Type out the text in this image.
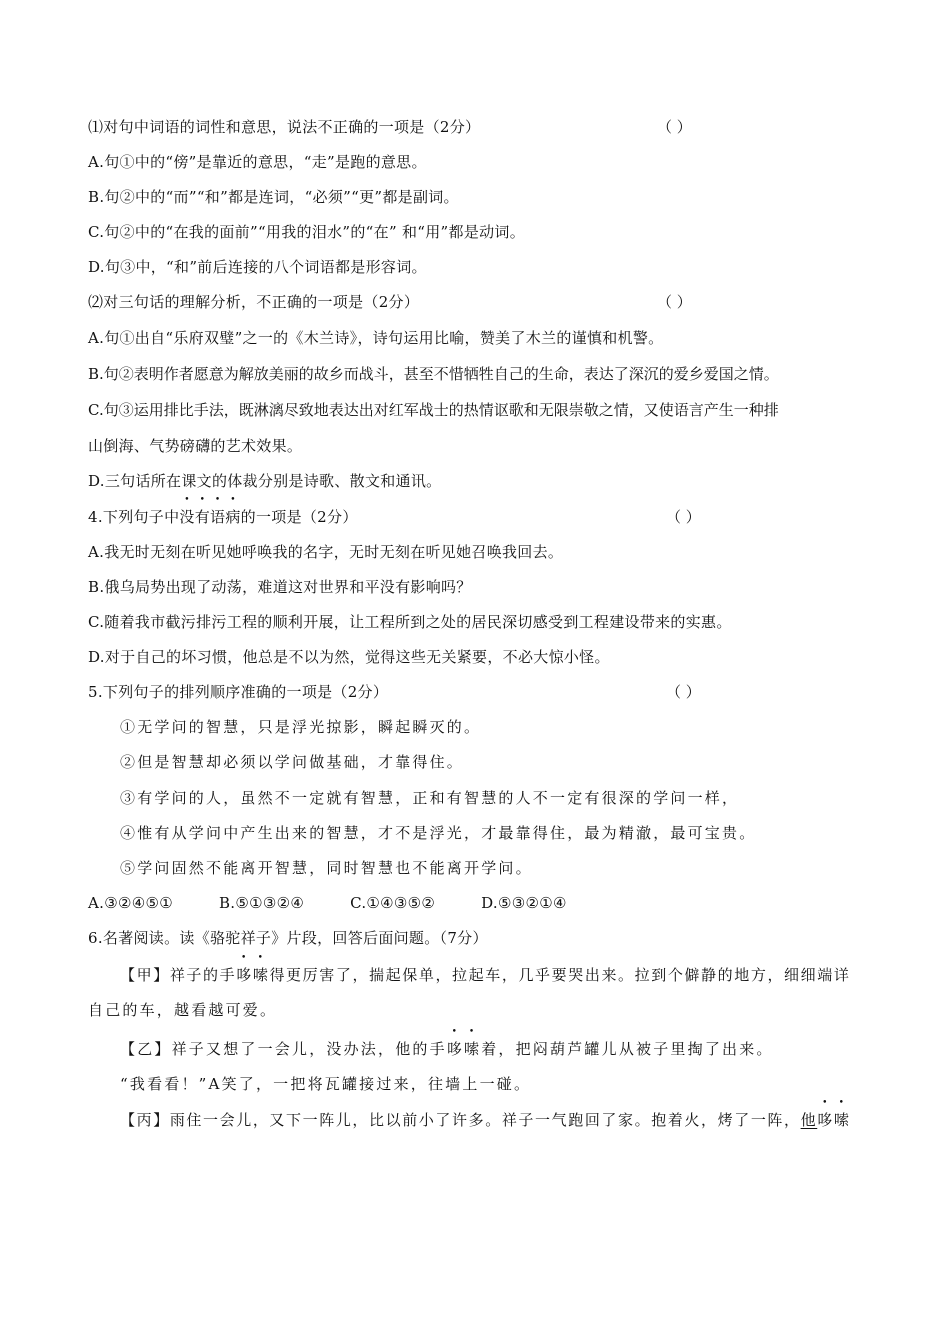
⑴对句中词语的词性和意思，说法不正确的一项是（2分）	（ ）
A.句①中的“傍”是靠近的意思，“走”是跑的意思。
B.句②中的“而”“和”都是连词，“必须”“更”都是副词。
C.句②中的“在我的面前”“用我的泪水”的“在” 和“用”都是动词。
D.句③中，“和”前后连接的八个词语都是形容词。
⑵对三句话的理解分析，不正确的一项是（2分）	（ ）
A.句①出自“乐府双璧”之一的《木兰诗》，诗句运用比喻，赞美了木兰的谨慎和机警。
B.句②表明作者愿意为解放美丽的故乡而战斗，甚至不惜牺牲自己的生命，表达了深沉的爱乡爱国之情。
C.句③运用排比手法，既淋漓尽致地表达出对红军战士的热情讴歌和无限崇敬之情，又使语言产生一种排
山倒海、气势磅礴的艺术效果。
D.三句话所在课文的体裁分别是诗歌、散文和通讯。
4.下列句子中没有语病的一项是（2分）	（ ）
A.我无时无刻在听见她呼唤我的名字，无时无刻在听见她召唤我回去。
B.俄乌局势出现了动荡，难道这对世界和平没有影响吗？
C.随着我市截污排污工程的顺利开展，让工程所到之处的居民深切感受到工程建设带来的实惠。
D.对于自己的坏习惯，他总是不以为然，觉得这些无关紧要，不必大惊小怪。
5.下列句子的排列顺序准确的一项是（2分）	（ ）
①无学问的智慧，只是浮光掠影，瞬起瞬灭的。
②但是智慧却必须以学问做基础，才靠得住。
③有学问的人，虽然不一定就有智慧，正和有智慧的人不一定有很深的学问一样，
④惟有从学问中产生出来的智慧，才不是浮光，才最靠得住，最为精澈，最可宝贵。
⑤学问固然不能离开智慧，同时智慧也不能离开学问。
A.③②④⑤①	B.⑤①③②④	C.①④③⑤②	D.⑤③②①④
6.名著阅读。读《骆驼祥子》片段，回答后面问题。（7分）
【甲】祥子的手哆嗦得更厉害了，揣起保单，拉起车，几乎要哭出来。拉到个僻静的地方，细细端详
自己的车，越看越可爱。
【乙】祥子又想了一会儿，没办法，他的手哆嗦着，把闷葫芦罐儿从被子里掏了出来。
“我看看！”A笑了，一把将瓦罐接过来，往墙上一碰。
【丙】雨住一会儿，又下一阵儿，比以前小了许多。祥子一气跑回了家。抱着火，烤了一阵，他哆嗦
